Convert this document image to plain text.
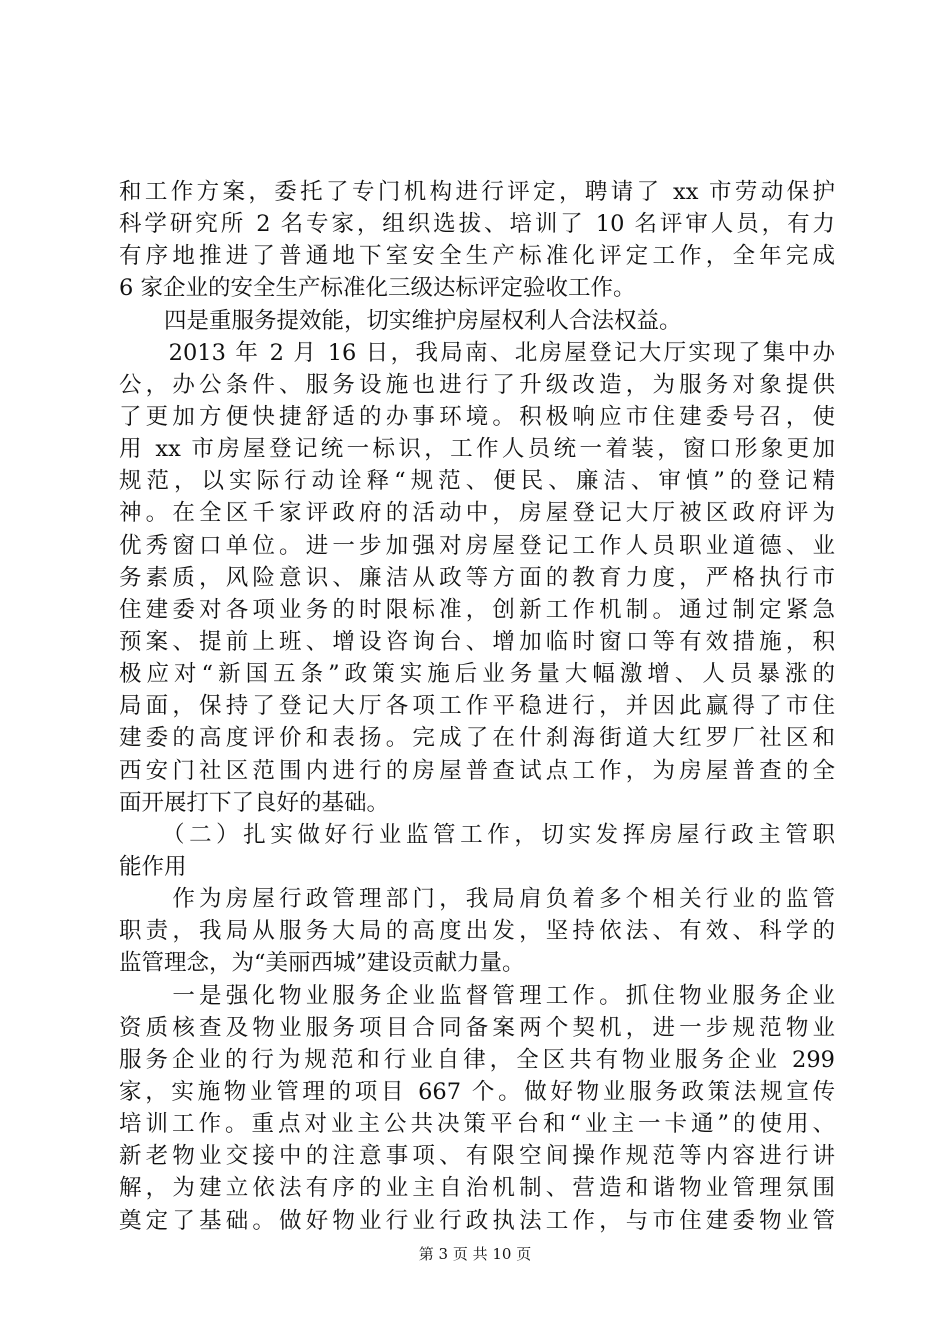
和工作方案，委托了专门机构进行评定，聘请了 xx 市劳动保护
科学研究所 2 名专家，组织选拔、培训了 10 名评审人员，有力
有序地推进了普通地下室安全生产标准化评定工作，全年完成
6 家企业的安全生产标准化三级达标评定验收工作。
　　四是重服务提效能，切实维护房屋权利人合法权益。
　　2013 年 2 月 16 日，我局南、北房屋登记大厅实现了集中办
公，办公条件、服务设施也进行了升级改造，为服务对象提供
了更加方便快捷舒适的办事环境。积极响应市住建委号召，使
用 xx 市房屋登记统一标识，工作人员统一着装，窗口形象更加
规范，以实际行动诠释“规范、便民、廉洁、审慎”的登记精
神。在全区千家评政府的活动中，房屋登记大厅被区政府评为
优秀窗口单位。进一步加强对房屋登记工作人员职业道德、业
务素质，风险意识、廉洁从政等方面的教育力度，严格执行市
住建委对各项业务的时限标准，创新工作机制。通过制定紧急
预案、提前上班、增设咨询台、增加临时窗口等有效措施，积
极应对“新国五条”政策实施后业务量大幅激增、人员暴涨的
局面，保持了登记大厅各项工作平稳进行，并因此赢得了市住
建委的高度评价和表扬。完成了在什刹海街道大红罗厂社区和
西安门社区范围内进行的房屋普查试点工作，为房屋普查的全
面开展打下了良好的基础。
　　（二）扎实做好行业监管工作，切实发挥房屋行政主管职
能作用
　　作为房屋行政管理部门，我局肩负着多个相关行业的监管
职责，我局从服务大局的高度出发，坚持依法、有效、科学的
监管理念，为“美丽西城”建设贡献力量。
　　一是强化物业服务企业监督管理工作。抓住物业服务企业
资质核查及物业服务项目合同备案两个契机，进一步规范物业
服务企业的行为规范和行业自律，全区共有物业服务企业 299
家，实施物业管理的项目 667 个。做好物业服务政策法规宣传
培训工作。重点对业主公共决策平台和“业主一卡通”的使用、
新老物业交接中的注意事项、有限空间操作规范等内容进行讲
解，为建立依法有序的业主自治机制、营造和谐物业管理氛围
奠定了基础。做好物业行业行政执法工作，与市住建委物业管
第 3 页 共 10 页
